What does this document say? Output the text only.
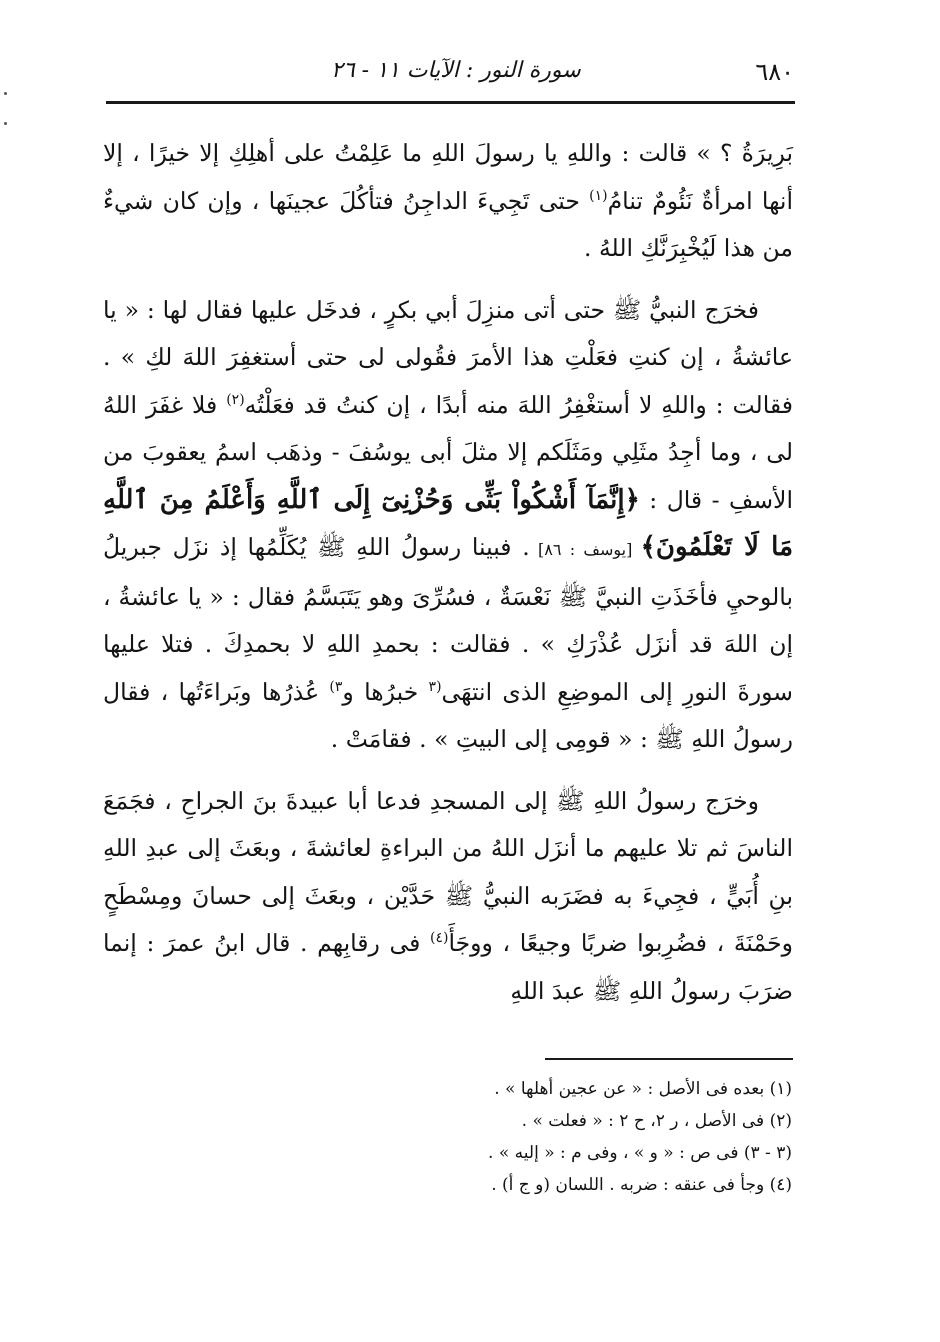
٦٨٠
سورة النور : الآيات ١١ - ٢٦

بَرِيرَةُ ؟ » قالت : واللهِ يا رسولَ اللهِ ما عَلِمْتُ على أهلِكِ إلا خيرًا ، إلا أنها امرأةٌ نَئُومٌ تنامُ$^{(١)}$ حتى تَجِيءَ الداجِنُ فتأكُلَ عجينَها ، وإن كان شيءٌ من هذا لَيُخْبِرَنَّكِ اللهُ .

فخرَج النبيُّ ﷺ حتى أتى منزِلَ أبي بكرٍ ، فدخَل عليها فقال لها : « يا عائشةُ ، إن كنتِ فعَلْتِ هذا الأمرَ فقُولى لى حتى أستغفِرَ اللهَ لكِ » . فقالت : واللهِ لا أستغْفِرُ اللهَ منه أبدًا ، إن كنتُ قد فعَلْتُه$^{(٢)}$ فلا غفَرَ اللهُ لى ، وما أجِدُ مثَلِي ومَثَلَكم إلا مثلَ أبى يوسُفَ - وذهَب اسمُ يعقوبَ من الأسفِ - قال : ﴿إِنَّمَآ أَشْكُواْ بَثِّى وَحُزْنِىٓ إِلَى ٱللَّهِ وَأَعْلَمُ مِنَ ٱللَّهِ مَا لَا تَعْلَمُونَ﴾ [يوسف : ٨٦] . فبينا رسولُ اللهِ ﷺ يُكَلِّمُها إذ نزَل جبريلُ بالوحيِ فأخَذَتِ النبيَّ ﷺ نَعْسَةٌ ، فسُرِّىَ وهو يَتَبَسَّمُ فقال : « يا عائشةُ ، إن اللهَ قد أنزَل عُذْرَكِ » . فقالت : بحمدِ اللهِ لا بحمدِكَ . فتلا عليها سورةَ النورِ إلى الموضِعِ الذى انتهَى$^{(٣}$ خبرُها و$^{٣)}$ عُذرُها وبَراءَتُها ، فقال رسولُ اللهِ ﷺ : « قومِى إلى البيتِ » . فقامَتْ .

وخرَج رسولُ اللهِ ﷺ إلى المسجدِ فدعا أبا عبيدةَ بنَ الجراحِ ، فجَمَعَ الناسَ ثم تلا عليهم ما أنزَل اللهُ من البراءةِ لعائشةَ ، وبعَثَ إلى عبدِ اللهِ بنِ أُبَيٍّ ، فجِيءَ به فضَرَبه النبيُّ ﷺ حَدَّيْن ، وبعَثَ إلى حسانَ ومِسْطَحٍ وحَمْنَةَ ، فضُرِبوا ضربًا وجيعًا ، ووجَأَ$^{(٤)}$ فى رقابِهم . قال ابنُ عمرَ : إنما ضرَبَ رسولُ اللهِ ﷺ عبدَ اللهِ

(١) بعده فى الأصل : « عن عجين أهلها » .
(٢) فى الأصل ، ر ٢، ح ٢ : « فعلت » .
(٣ - ٣) فى ص : « و » ، وفى م : « إليه » .
(٤) وجأ فى عنقه : ضربه . اللسان (و ج أ) .
